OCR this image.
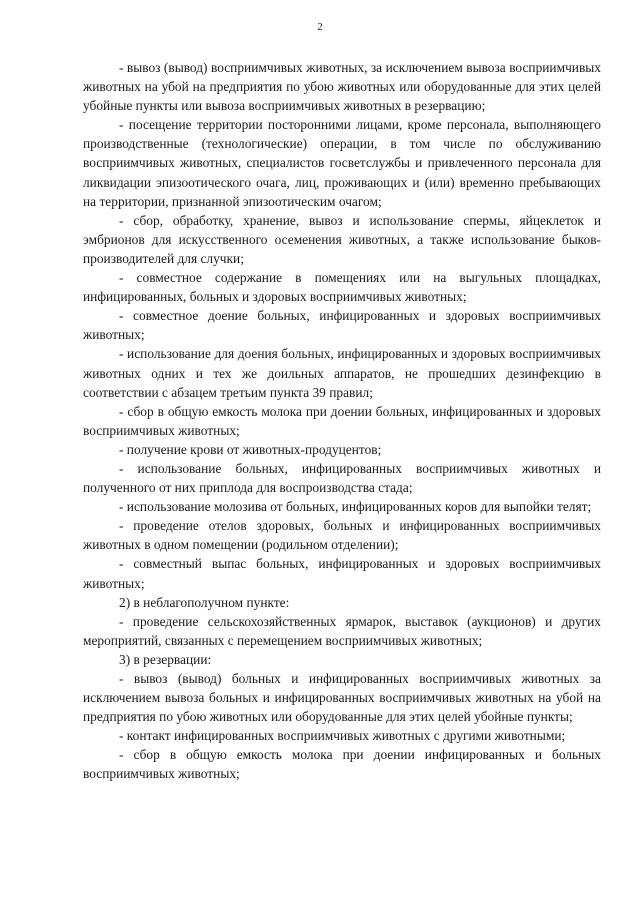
2

- вывоз (вывод) восприимчивых животных, за исключением вывоза восприимчивых животных на убой на предприятия по убою животных или оборудованные для этих целей убойные пункты или вывоза восприимчивых животных в резервацию;

- посещение территории посторонними лицами, кроме персонала, выполняющего производственные (технологические) операции, в том числе по обслуживанию восприимчивых животных, специалистов госветслужбы и привлеченного персонала для ликвидации эпизоотического очага, лиц, проживающих и (или) временно пребывающих на территории, признанной эпизоотическим очагом;

- сбор, обработку, хранение, вывоз и использование спермы, яйцеклеток и эмбрионов для искусственного осеменения животных, а также использование быков-производителей для случки;

- совместное содержание в помещениях или на выгульных площадках, инфицированных, больных и здоровых восприимчивых животных;

- совместное доение больных, инфицированных и здоровых восприимчивых животных;

- использование для доения больных, инфицированных и здоровых восприимчивых животных одних и тех же доильных аппаратов, не прошедших дезинфекцию в соответствии с абзацем третьим пункта 39 правил;

- сбор в общую емкость молока при доении больных, инфицированных и здоровых восприимчивых животных;

- получение крови от животных-продуцентов;

- использование больных, инфицированных восприимчивых животных и полученного от них приплода для воспроизводства стада;

- использование молозива от больных, инфицированных коров для выпойки телят;

- проведение отелов здоровых, больных и инфицированных восприимчивых животных в одном помещении (родильном отделении);

- совместный выпас больных, инфицированных и здоровых восприимчивых животных;

2) в неблагополучном пункте:

- проведение сельскохозяйственных ярмарок, выставок (аукционов) и других мероприятий, связанных с перемещением восприимчивых животных;

3) в резервации:

- вывоз (вывод) больных и инфицированных восприимчивых животных за исключением вывоза больных и инфицированных восприимчивых животных на убой на предприятия по убою животных или оборудованные для этих целей убойные пункты;

- контакт инфицированных восприимчивых животных с другими животными;

- сбор в общую емкость молока при доении инфицированных и больных восприимчивых животных;
